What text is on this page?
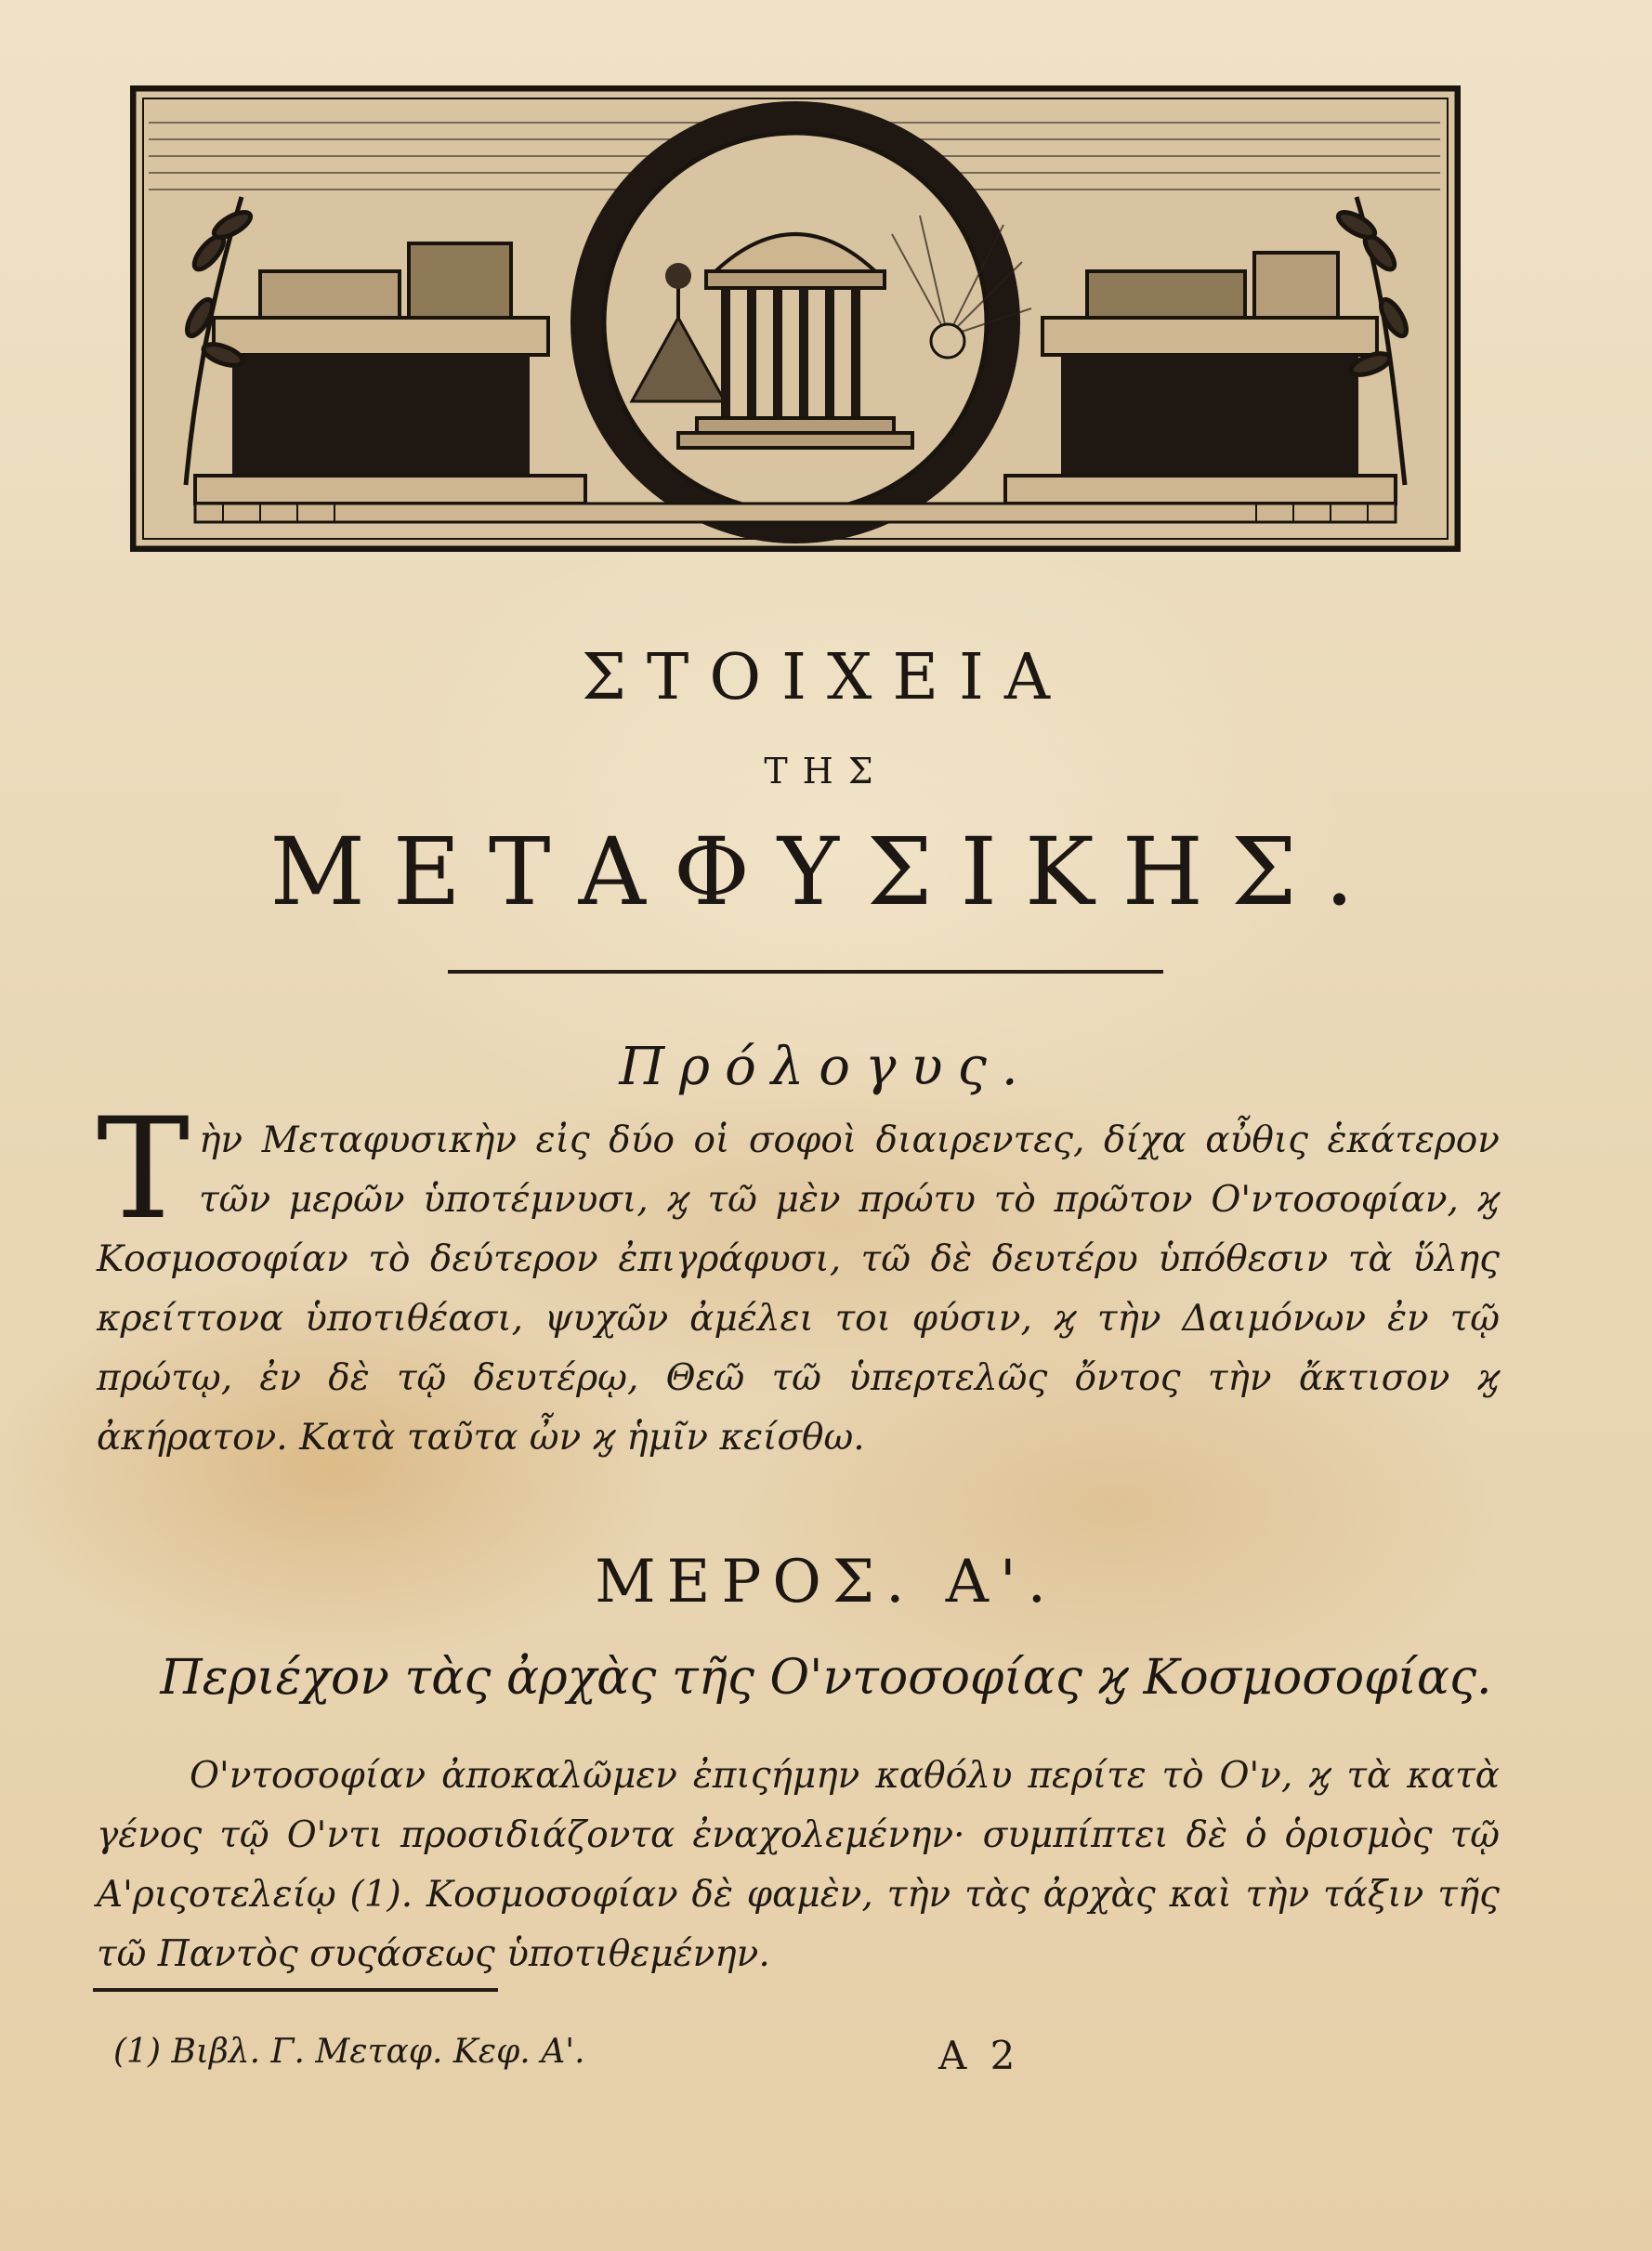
ΣΤΟΙΧΕΙΑ
ΤΗΣ
ΜΕΤΑΦΥΣΙΚΗΣ.
Πρόλογυς.
Τὴν Μεταφυσικὴν εἰς δύο οἱ σοφοὶ διαιρεντες, δίχα αὖθις ἑκάτερον τῶν μερῶν ὑποτέμνυσι, ϗ τῶ μὲν πρώτυ τὸ πρῶτον Ο'ντοσοφίαν, ϗ Κοσμοσοφίαν τὸ δεύτερον ἐπιγράφυσι, τῶ δὲ δευτέρυ ὑπόθεσιν τὰ ὕλης κρείττονα ὑποτιθέασι, ψυχῶν ἀμέλει τοι φύσιν, ϗ τὴν Δαιμόνων ἐν τῷ πρώτῳ, ἐν δὲ τῷ δευτέρῳ, Θεῶ τῶ ὑπερτελῶς ὄντος τὴν ἄκτισον ϗ ἀκήρατον. Κατὰ ταῦτα ὦν ϗ ἡμῖν κείσθω.
ΜΕΡΟΣ. Α'.
Περιέχον τὰς ἀρχὰς τῆς Ο'ντοσοφίας ϗ Κοσμοσοφίας.
Ο'ντοσοφίαν ἀποκαλῶμεν ἐπιςήμην καθόλυ περίτε τὸ Ο'ν, ϗ τὰ κατὰ γένος τῷ Ο'ντι προσιδιάζοντα ἐναχολεμένην· συμπίπτει δὲ ὁ ὁρισμὸς τῷ Α'ριςοτελείῳ (1). Κοσμοσοφίαν δὲ φαμὲν, τὴν τὰς ἀρχὰς καὶ τὴν τάξιν τῆς τῶ Παντὸς συςάσεως ὑποτιθεμένην.
(1) Βιβλ. Γ. Μεταφ. Κεφ. Α'.	Α 2
